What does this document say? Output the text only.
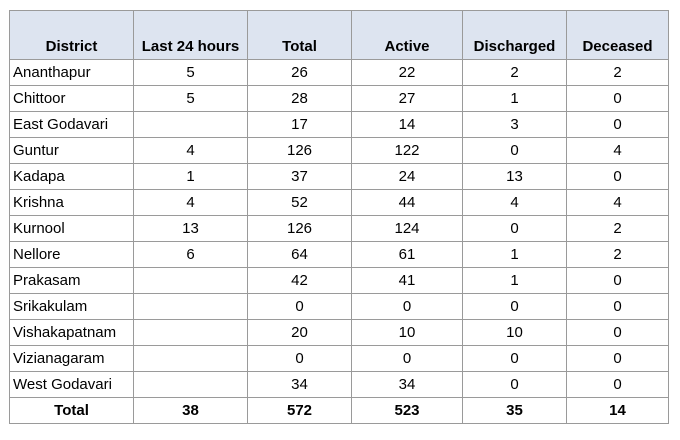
District	Last 24 hours	Total	Active	Discharged	Deceased
Ananthapur	5	26	22	2	2
Chittoor	5	28	27	1	0
East Godavari		17	14	3	0
Guntur	4	126	122	0	4
Kadapa	1	37	24	13	0
Krishna	4	52	44	4	4
Kurnool	13	126	124	0	2
Nellore	6	64	61	1	2
Prakasam		42	41	1	0
Srikakulam		0	0	0	0
Vishakapatnam		20	10	10	0
Vizianagaram		0	0	0	0
West Godavari		34	34	0	0
Total	38	572	523	35	14
